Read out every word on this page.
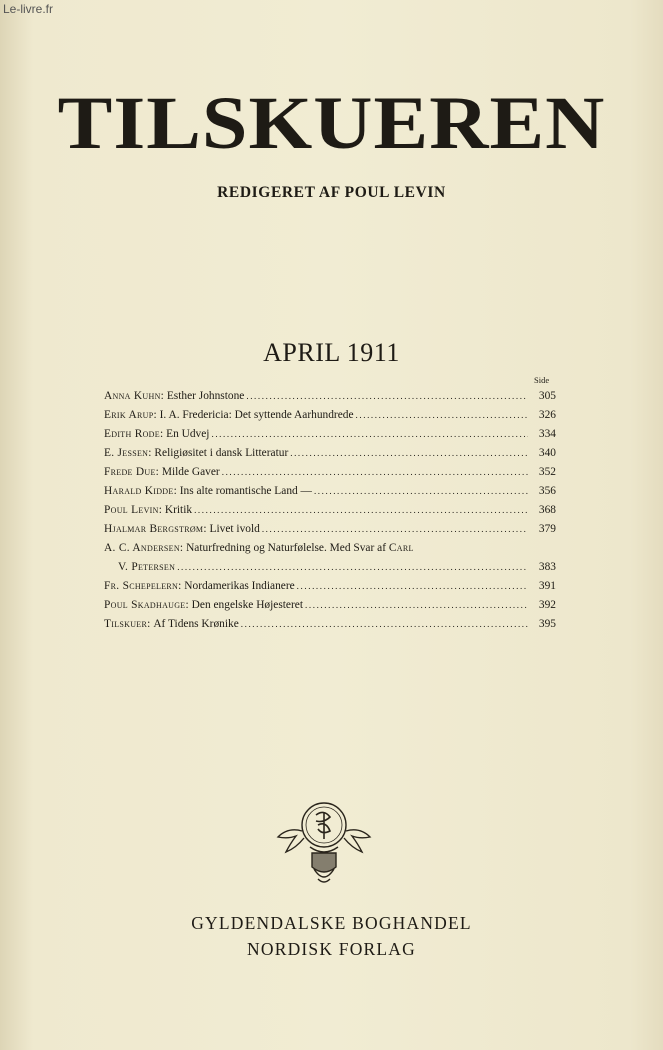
Le-livre.fr
TILSKUEREN
REDIGERET AF POUL LEVIN
APRIL 1911
Side
Anna Kuhn : Esther Johnstone .....	305
Erik Arup : I. A. Fredericia: Det syttende Aarhundrede .....	326
Edith Rode : En Udvej .....	334
E. Jessen : Religiøsitet i dansk Litteratur .....	340
Frede Due : Milde Gaver .....	352
Harald Kidde : Ins alte romantische Land — .....	356
Poul Levin : Kritik .....	368
Hjalmar Bergstrøm : Livet ivold .....	379
A. C. Andersen : Naturfredning og Naturfølelse. Med Svar af
Carl
V. Petersen .....	383
Fr. Schepelern : Nordamerikas Indianere .....	391
Poul Skadhauge : Den engelske Højesteret .....	392
Tilskuer : Af Tidens Krønike .....	395
GYLDENDALSKE BOGHANDEL
NORDISK FORLAG
